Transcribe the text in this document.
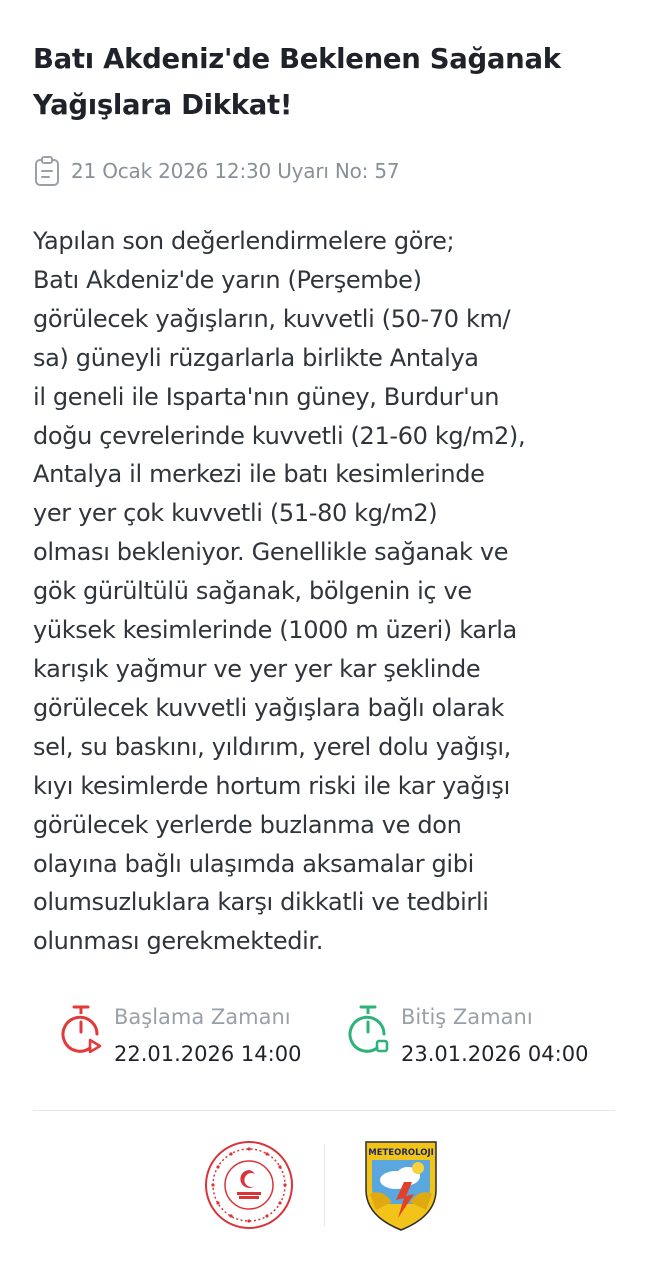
Batı Akdeniz'de Beklenen Sağanak Yağışlara Dikkat!
21 Ocak 2026 12:30 Uyarı No: 57
Yapılan son değerlendirmelere göre;
Batı Akdeniz'de yarın (Perşembe)
görülecek yağışların, kuvvetli (50-70 km/
sa) güneyli rüzgarlarla birlikte Antalya
il geneli ile Isparta'nın güney, Burdur'un
doğu çevrelerinde kuvvetli (21-60 kg/m2),
Antalya il merkezi ile batı kesimlerinde
yer yer çok kuvvetli (51-80 kg/m2)
olması bekleniyor. Genellikle sağanak ve
gök gürültülü sağanak, bölgenin iç ve
yüksek kesimlerinde (1000 m üzeri) karla
karışık yağmur ve yer yer kar şeklinde
görülecek kuvvetli yağışlara bağlı olarak
sel, su baskını, yıldırım, yerel dolu yağışı,
kıyı kesimlerde hortum riski ile kar yağışı
görülecek yerlerde buzlanma ve don
olayına bağlı ulaşımda aksamalar gibi
olumsuzluklara karşı dikkatli ve tedbirli
olunması gerekmektedir.
Başlama Zamanı
22.01.2026 14:00
Bitiş Zamanı
23.01.2026 04:00
METEOROLOJI
